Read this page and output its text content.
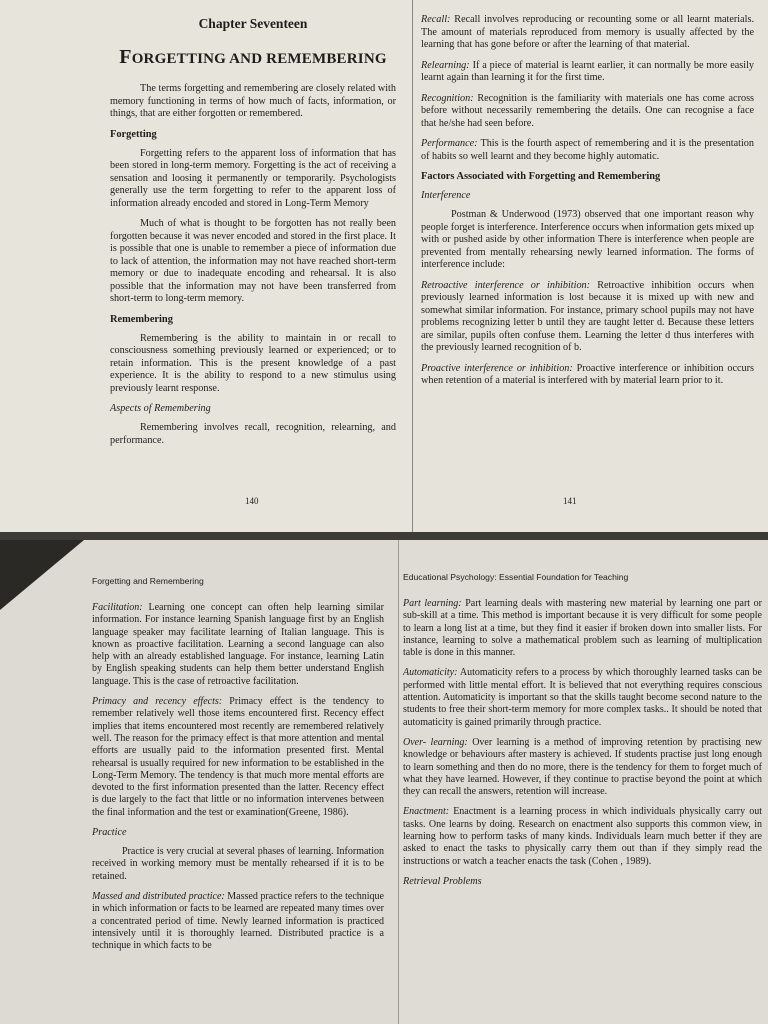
Chapter Seventeen
FORGETTING AND REMEMBERING

The terms forgetting and remembering are closely related with memory functioning in terms of how much of facts, information, or things, that are either forgotten or remembered.

Forgetting

Forgetting refers to the apparent loss of information that has been stored in long-term memory. Forgetting is the act of receiving a sensation and loosing it permanently or temporarily. Psychologists generally use the term forgetting to refer to the apparent loss of information already encoded and stored in Long-Term Memory

Much of what is thought to be forgotten has not really been forgotten because it was never encoded and stored in the first place. It is possible that one is unable to remember a piece of information due to lack of attention, the information may not have reached short-term memory or due to inadequate encoding and rehearsal. It is also possible that the information may not have been transferred from short-term to long-term memory.

Remembering

Remembering is the ability to maintain in or recall to consciousness something previously learned or experienced; or to retain information. This is the present knowledge of a past experience. It is the ability to respond to a new stimulus using previously learnt response.

Aspects of Remembering

Remembering involves recall, recognition, relearning, and performance.

140

Recall: Recall involves reproducing or recounting some or all learnt materials. The amount of materials reproduced from memory is usually affected by the learning that has gone before or after the learning of that material.

Relearning: If a piece of material is learnt earlier, it can normally be more easily learnt again than learning it for the first time.

Recognition: Recognition is the familiarity with materials one has come across before without necessarily remembering the details. One can recognise a face that he/she had seen before.

Performance: This is the fourth aspect of remembering and it is the presentation of habits so well learnt and they become highly automatic.

Factors Associated with Forgetting and Remembering
Interference

Postman & Underwood (1973) observed that one important reason why people forget is interference. Interference occurs when information gets mixed up with or pushed aside by other information There is interference when people are prevented from mentally rehearsing newly learned information. The forms of interference include:

Retroactive interference or inhibition: Retroactive inhibition occurs when previously learned information is lost because it is mixed up with new and somewhat similar information. For instance, primary school pupils may not have problems recognizing letter b until they are taught letter d. Because these letters are similar, pupils often confuse them. Learning the letter d thus interferes with the previously learned recognition of b.

Proactive interference or inhibition: Proactive interference or inhibition occurs when retention of a material is interfered with by material learn prior to it.

141
Forgetting and Remembering

Facilitation: Learning one concept can often help learning similar information. For instance learning Spanish language first by an English language speaker may facilitate learning of Italian language. This is known as proactive facilitation. Learning a second language can also help with an already established language. For instance, learning Latin by English speaking students can help them better understand English language. This is the case of retroactive facilitation.

Primacy and recency effects: Primacy effect is the tendency to remember relatively well those items encountered first. Recency effect implies that items encountered most recently are remembered relatively well. The reason for the primacy effect is that more attention and mental efforts are usually paid to the information presented first. Mental rehearsal is usually required for new information to be established in the Long-Term Memory. The tendency is that much more mental efforts are devoted to the first information presented than the latter. Recency effect is due largely to the fact that little or no information intervenes between the final information and the test or examination(Greene, 1986).

Practice

Practice is very crucial at several phases of learning. Information received in working memory must be mentally rehearsed if it is to be retained.

Massed and distributed practice: Massed practice refers to the technique in which information or facts to be learned are repeated many times over a concentrated period of time. Newly learned information is practiced intensively until it is thoroughly learned. Distributed practice is a technique in which facts to be

Educational Psychology: Essential Foundation for Teaching

Part learning: Part learning deals with mastering new material by learning one part or sub-skill at a time. This method is important because it is very difficult for some people to learn a long list at a time, but they find it easier if broken down into smaller lists. For instance, learning to solve a mathematical problem such as learning of multiplication table is done in this manner.

Automaticity: Automaticity refers to a process by which thoroughly learned tasks can be performed with little mental effort. It is believed that not everything requires conscious attention. Automaticity is important so that the skills taught become second nature to the students to free their short-term memory for more complex tasks.. It should be noted that automaticity is gained primarily through practice.

Over- learning: Over learning is a method of improving retention by practising new knowledge or behaviours after mastery is achieved. If students practise just long enough to learn something and then do no more, there is the tendency for them to forget much of what they have learned. However, if they continue to practise beyond the point at which they can recall the answers, retention will increase.

Enactment: Enactment is a learning process in which individuals physically carry out tasks. One learns by doing. Research on enactment also supports this common view, in learning how to perform tasks of many kinds. Individuals learn much better if they are asked to enact the tasks to physically carry them out than if they simply read the instructions or watch a teacher enacts the task (Cohen , 1989).

Retrieval Problems
